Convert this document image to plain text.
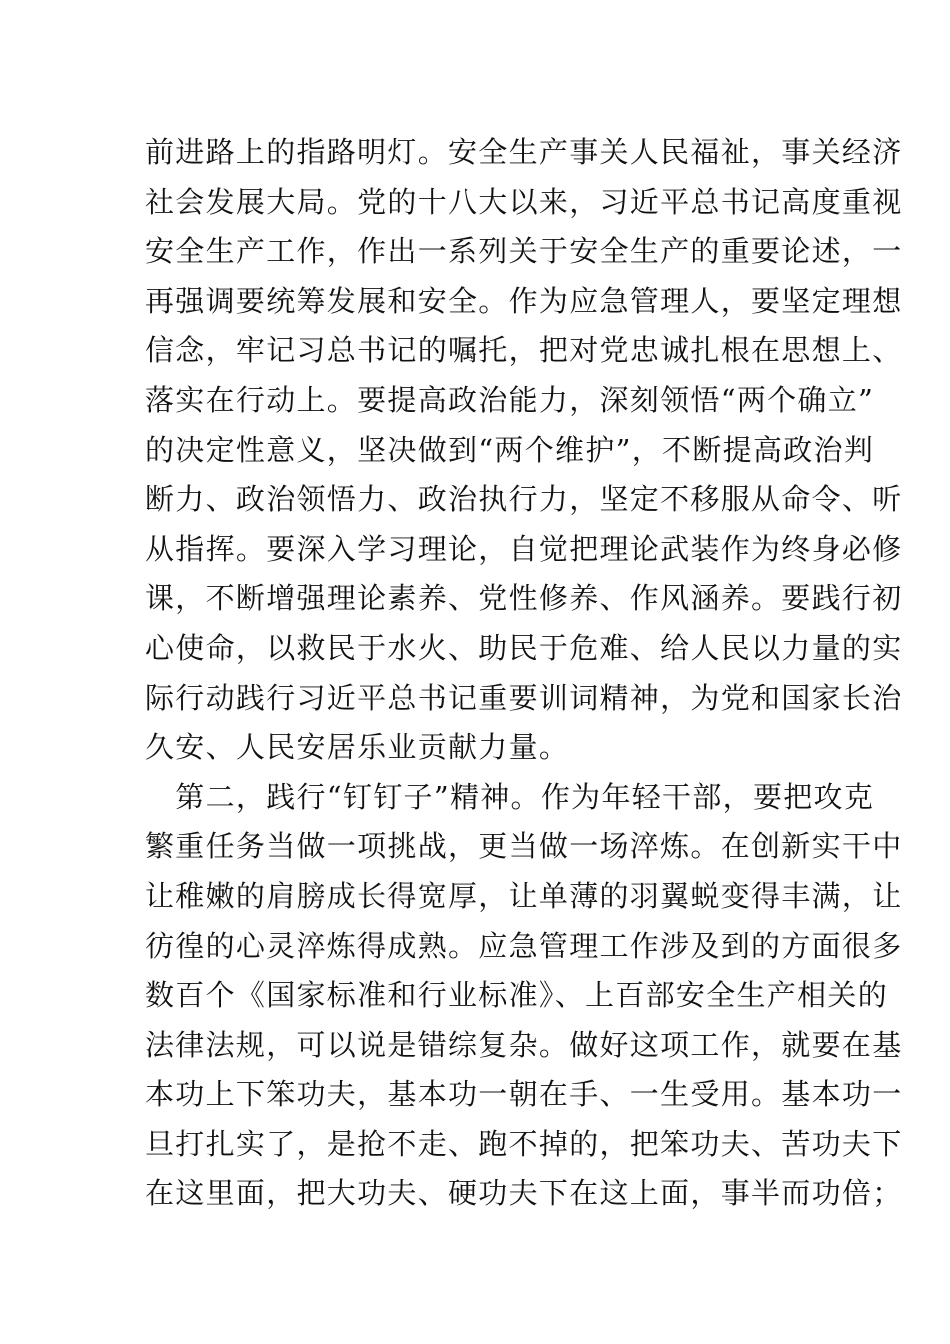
前进路上的指路明灯。安全生产事关人民福祉，事关经济
社会发展大局。党的十八大以来，习近平总书记高度重视
安全生产工作，作出一系列关于安全生产的重要论述，一
再强调要统筹发展和安全。作为应急管理人，要坚定理想
信念，牢记习总书记的嘱托，把对党忠诚扎根在思想上、
落实在行动上。要提高政治能力，深刻领悟“两个确立”
的决定性意义，坚决做到“两个维护”，不断提高政治判
断力、政治领悟力、政治执行力，坚定不移服从命令、听
从指挥。要深入学习理论，自觉把理论武装作为终身必修
课，不断增强理论素养、党性修养、作风涵养。要践行初
心使命，以救民于水火、助民于危难、给人民以力量的实
际行动践行习近平总书记重要训词精神，为党和国家长治
久安、人民安居乐业贡献力量。
　第二，践行“钉钉子”精神。作为年轻干部，要把攻克
繁重任务当做一项挑战，更当做一场淬炼。在创新实干中
让稚嫩的肩膀成长得宽厚，让单薄的羽翼蜕变得丰满，让
彷徨的心灵淬炼得成熟。应急管理工作涉及到的方面很多
数百个《国家标准和行业标准》、上百部安全生产相关的
法律法规，可以说是错综复杂。做好这项工作，就要在基
本功上下笨功夫，基本功一朝在手、一生受用。基本功一
旦打扎实了，是抢不走、跑不掉的，把笨功夫、苦功夫下
在这里面，把大功夫、硬功夫下在这上面，事半而功倍；
